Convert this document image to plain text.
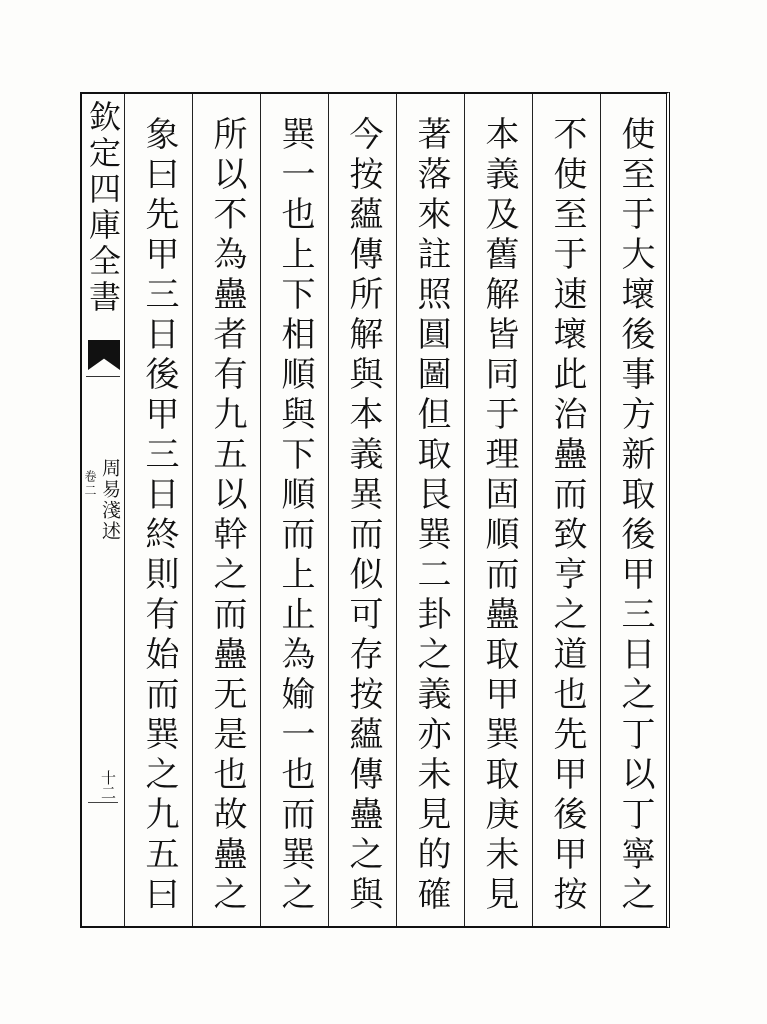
欽定四庫全書
卷二 周易淺述
十二	使至于大壞後事方新取後甲三日之丁以丁寧之
不使至于速壞此治蠱而致亨之道也先甲後甲按
本義及舊解皆同于理固順而蠱取甲巽取庚未見
著落來註照圓圖但取艮巽二卦之義亦未見的確
今按蘊傳所解與本義異而似可存按蘊傳蠱之與
巽一也上下相順與下順而上止為媮一也而巽之
所以不為蠱者有九五以幹之而蠱无是也故蠱之
象曰先甲三日後甲三日終則有始而巽之九五曰
